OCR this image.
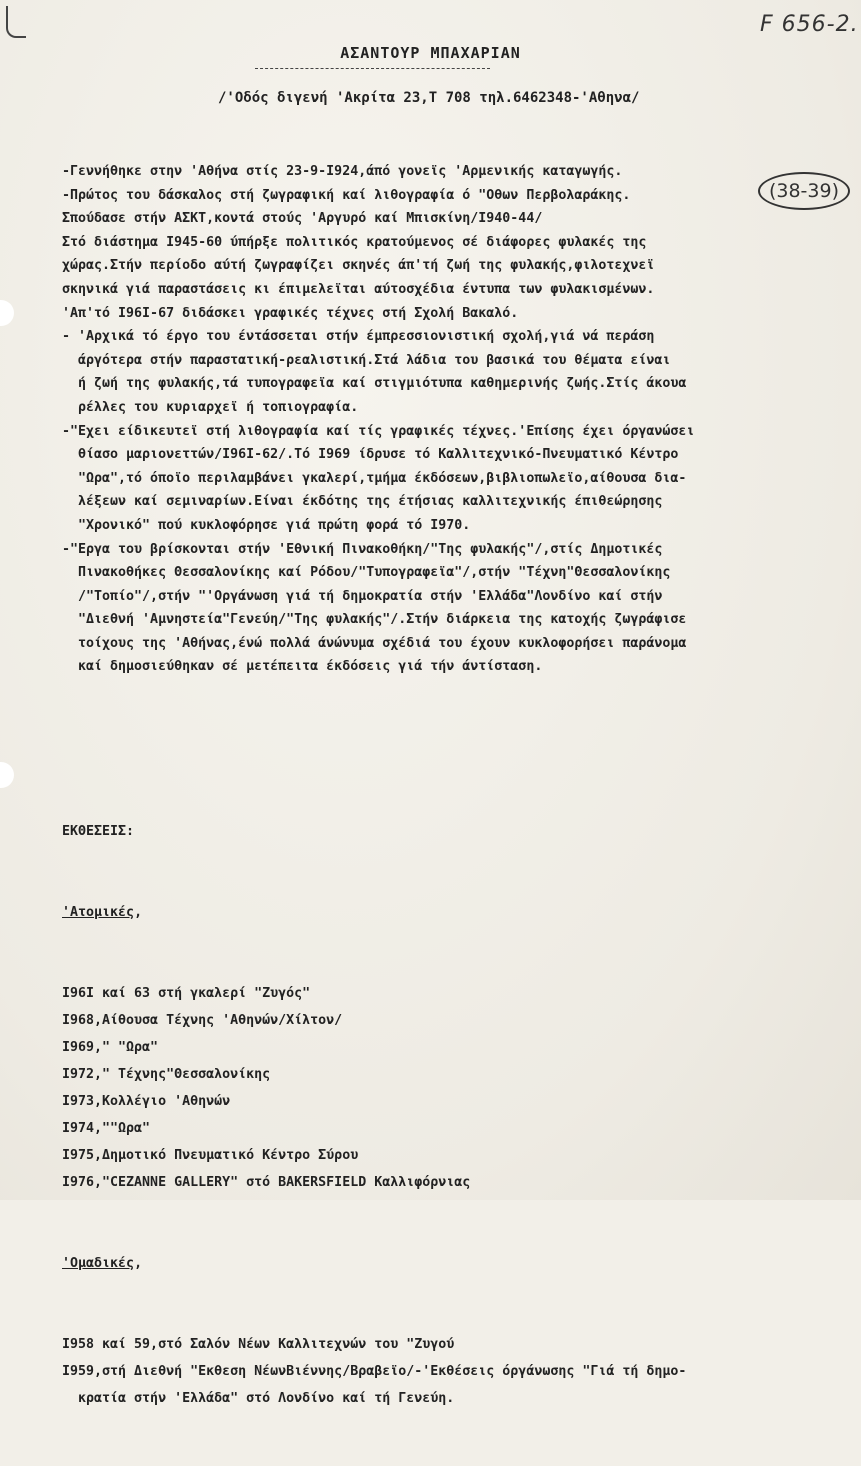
F 656-2.
ΑΣΑΝΤΟΥΡ ΜΠΑΧΑΡΙΑΝ
/'Οδός διγενή 'Ακρίτα 23,Τ 708 τηλ.6462348-'Αθηνα/
-Γεννήθηκε στην 'Αθήνα στίς 23-9-Ι924,άπό γονεϊς 'Αρμενικής καταγωγής.
-Πρώτος του δάσκαλος στή ζωγραφική καί λιθογραφία ό "Οθων Περβολαράκης.
Σπούδασε στήν ΑΣΚΤ,κοντά στούς 'Αργυρό καί Μπισκίνη/Ι940-44/
Στό διάστημα Ι945-60 ύπήρξε πολιτικός κρατούμενος σέ διάφορες φυλακές της
χώρας.Στήν περίοδο αύτή ζωγραφίζει σκηνές άπ'τή ζωή της φυλακής,φιλοτεχνεϊ
σκηνικά γιά παραστάσεις κι έπιμελεϊται αύτοσχέδια έντυπα των φυλακισμένων.
'Απ'τό Ι96Ι-67 διδάσκει γραφικές τέχνες στή Σχολή Βακαλό.
- 'Αρχικά τό έργο του έντάσσεται στήν έμπρεσσιονιστική σχολή,γιά νά περάση
άργότερα στήν παραστατική-ρεαλιστική.Στά λάδια του βασικά του θέματα είναι
ή ζωή της φυλακής,τά τυπογραφεϊα καί στιγμιότυπα καθημερινής ζωής.Στίς άκουα
ρέλλες του κυριαρχεϊ ή τοπιογραφία.
-"Εχει είδικευτεϊ στή λιθογραφία καί τίς γραφικές τέχνες.'Επίσης έχει όργανώσει
θίασο μαριονεττών/Ι96Ι-62/.Τό Ι969 ίδρυσε τό Καλλιτεχνικό-Πνευματικό Κέντρο
"Ωρα",τό όποϊο περιλαμβάνει γκαλερί,τμήμα έκδόσεων,βιβλιοπωλεϊο,αίθουσα δια-
λέξεων καί σεμιναρίων.Είναι έκδότης της έτήσιας καλλιτεχνικής έπιθεώρησης
"Χρονικό" πού κυκλοφόρησε γιά πρώτη φορά τό Ι970.
-"Εργα του βρίσκονται στήν 'Εθνική Πινακοθήκη/"Της φυλακής"/,στίς Δημοτικές
Πινακοθήκες Θεσσαλονίκης καί Ρόδου/"Τυπογραφεϊα"/,στήν "Τέχνη"Θεσσαλονίκης
/"Τοπίο"/,στήν "'Οργάνωση γιά τή δημοκρατία στήν 'Ελλάδα"Λονδίνο καί στήν
"Διεθνή 'Αμνηστεία"Γενεύη/"Της φυλακής"/.Στήν διάρκεια της κατοχής ζωγράφισε
τοίχους της 'Αθήνας,ένώ πολλά άνώνυμα σχέδιά του έχουν κυκλοφορήσει παράνομα
καί δημοσιεύθηκαν σέ μετέπειτα έκδόσεις γιά τήν άντίσταση.
(38-39)

ΕΚΘΕΣΕΙΣ:

'Ατομικές,

Ι96Ι καί 63 στή γκαλερί "Ζυγός"
Ι968,Αίθουσα Τέχνης 'Αθηνών/Χίλτον/
Ι969," "Ωρα"
Ι972," Τέχνης"Θεσσαλονίκης
Ι973,Κολλέγιο 'Αθηνών
Ι974,""Ωρα"
Ι975,Δημοτικό Πνευματικό Κέντρο Σύρου
Ι976,"CEZANNE GALLERY" στό BAKERSFIELD Καλλιφόρνιας

'Ομαδικές,

Ι958 καί 59,στό Σαλόν Νέων Καλλιτεχνών του "Ζυγού
Ι959,στή Διεθνή "Εκθεση ΝέωνΒιέννης/Βραβεϊο/-'Εκθέσεις όργάνωσης "Γιά τή δημο-
κρατία στήν 'Ελλάδα" στό Λονδίνο καί τή Γενεύη.
